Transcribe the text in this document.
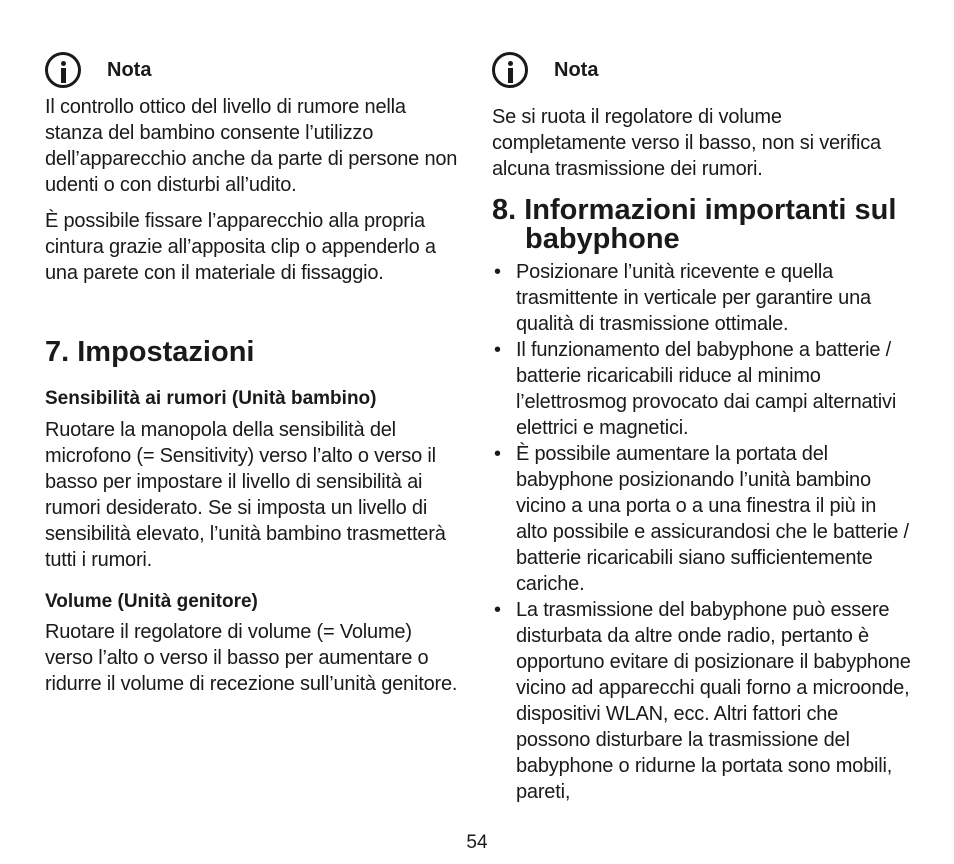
Nota

Il controllo ottico del livello di rumore nella stanza del bambino consente l’utilizzo dell’apparecchio anche da parte di persone non udenti o con disturbi all’udito.

È possibile fissare l’apparecchio alla propria cintura grazie all’apposita clip o appenderlo a una parete con il materiale di fissaggio.

7. Impostazioni

Sensibilità ai rumori (Unità bambino)

Ruotare la manopola della sensibilità del microfono (= Sensitivity) verso l’alto o verso il basso per impostare il livello di sensibilità ai rumori desiderato. Se si imposta un livello di sensibilità elevato, l’unità bambino trasmetterà tutti i rumori.

Volume (Unità genitore)

Ruotare il regolatore di volume (= Volume) verso l’alto o verso il basso per aumentare o ridurre il volume di recezione sull’unità genitore.

Nota

Se si ruota il regolatore di volume completamente verso il basso, non si verifica alcuna trasmissione dei rumori.

8. Informazioni importanti sul
babyphone
• Posizionare l’unità ricevente e quella trasmittente in verticale per garantire una qualità di trasmissione ottimale.
• Il funzionamento del babyphone a batterie / batterie ricaricabili riduce al minimo l’elettrosmog provocato dai campi alternativi elettrici e magnetici.
• È possibile aumentare la portata del babyphone posizionando l’unità bambino vicino a una porta o a una finestra il più in alto possibile e assicurandosi che le batterie / batterie ricaricabili siano sufficientemente cariche.
• La trasmissione del babyphone può essere disturbata da altre onde radio, pertanto è opportuno evitare di posizionare il babyphone vicino ad apparecchi quali forno a microonde, dispositivi WLAN, ecc. Altri fattori che possono disturbare la trasmissione del babyphone o ridurne la portata sono mobili, pareti,
54
